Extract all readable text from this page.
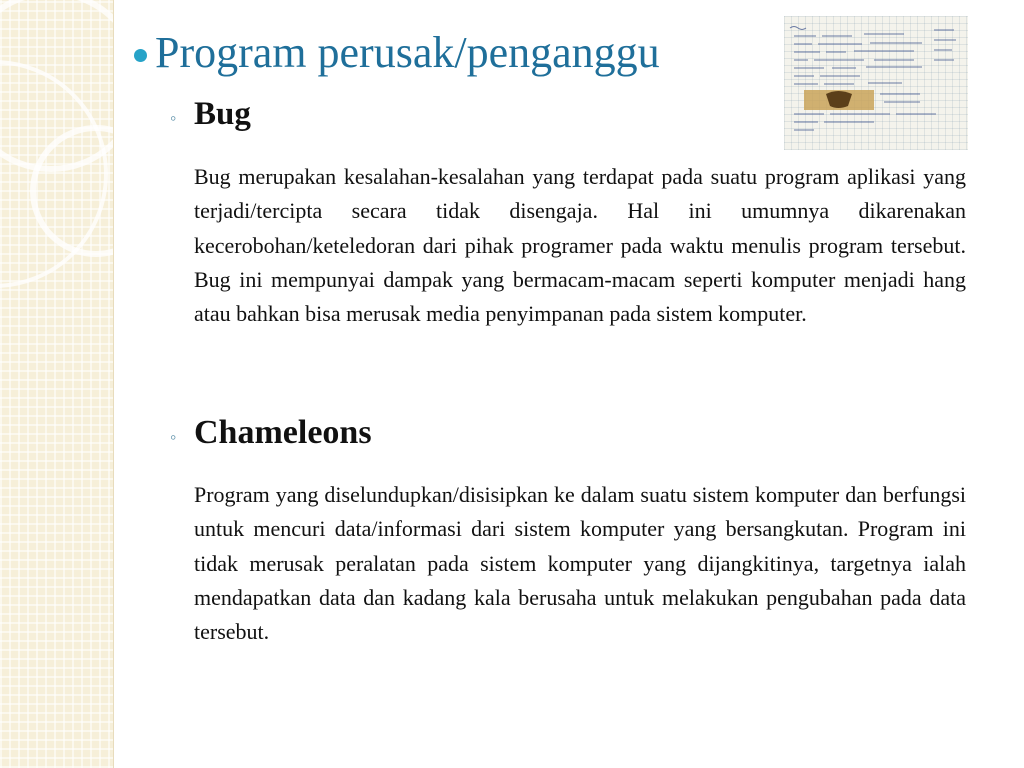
Program perusak/penganggu
◦ Bug
Bug merupakan kesalahan-kesalahan yang terdapat pada suatu program aplikasi yang terjadi/tercipta secara tidak disengaja. Hal ini umumnya dikarenakan kecerobohan/keteledoran dari pihak programer pada waktu menulis program tersebut. Bug ini mempunyai dampak yang bermacam-macam seperti komputer menjadi hang atau bahkan bisa merusak media penyimpanan pada sistem komputer.
◦ Chameleons
Program yang diselundupkan/disisipkan ke dalam suatu sistem komputer dan berfungsi untuk mencuri data/informasi dari sistem komputer yang bersangkutan. Program ini tidak merusak peralatan pada sistem komputer yang dijangkitinya, targetnya ialah mendapatkan data dan kadang kala berusaha untuk melakukan pengubahan pada data tersebut.
